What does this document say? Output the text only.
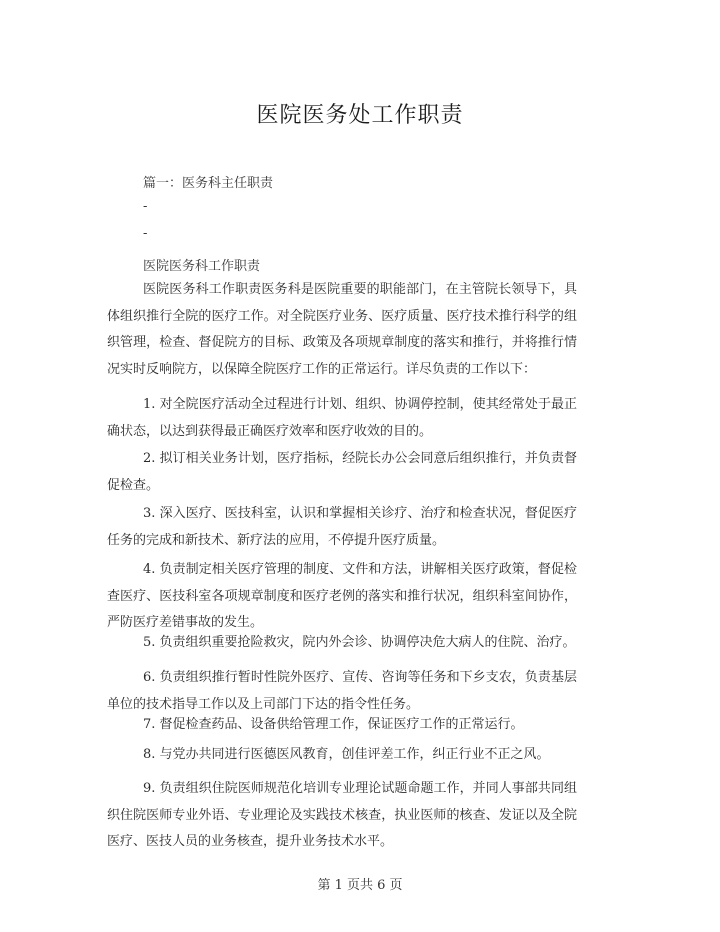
医院医务处工作职责
篇一：医务科主任职责
-
-
医院医务科工作职责
医院医务科工作职责医务科是医院重要的职能部门，在主管院长领导下，具体组织推行全院的医疗工作。对全院医疗业务、医疗质量、医疗技术推行科学的组织管理，检查、督促院方的目标、政策及各项规章制度的落实和推行，并将推行情况实时反响院方，以保障全院医疗工作的正常运行。详尽负责的工作以下：
1. 对全院医疗活动全过程进行计划、组织、协调停控制，使其经常处于最正确状态，以达到获得最正确医疗效率和医疗收效的目的。
2. 拟订相关业务计划，医疗指标，经院长办公会同意后组织推行，并负责督促检查。
3. 深入医疗、医技科室，认识和掌握相关诊疗、治疗和检查状况，督促医疗任务的完成和新技术、新疗法的应用，不停提升医疗质量。
4. 负责制定相关医疗管理的制度、文件和方法，讲解相关医疗政策，督促检查医疗、医技科室各项规章制度和医疗老例的落实和推行状况，组织科室间协作，严防医疗差错事故的发生。
5. 负责组织重要抢险救灾，院内外会诊、协调停决危大病人的住院、治疗。
6. 负责组织推行暂时性院外医疗、宣传、咨询等任务和下乡支农，负责基层单位的技术指导工作以及上司部门下达的指令性任务。
7. 督促检查药品、设备供给管理工作，保证医疗工作的正常运行。
8. 与党办共同进行医德医风教育，创佳评差工作，纠正行业不正之风。
9. 负责组织住院医师规范化培训专业理论试题命题工作，并同人事部共同组织住院医师专业外语、专业理论及实践技术核查，执业医师的核查、发证以及全院医疗、医技人员的业务核查，提升业务技术水平。
第 1 页共 6 页
